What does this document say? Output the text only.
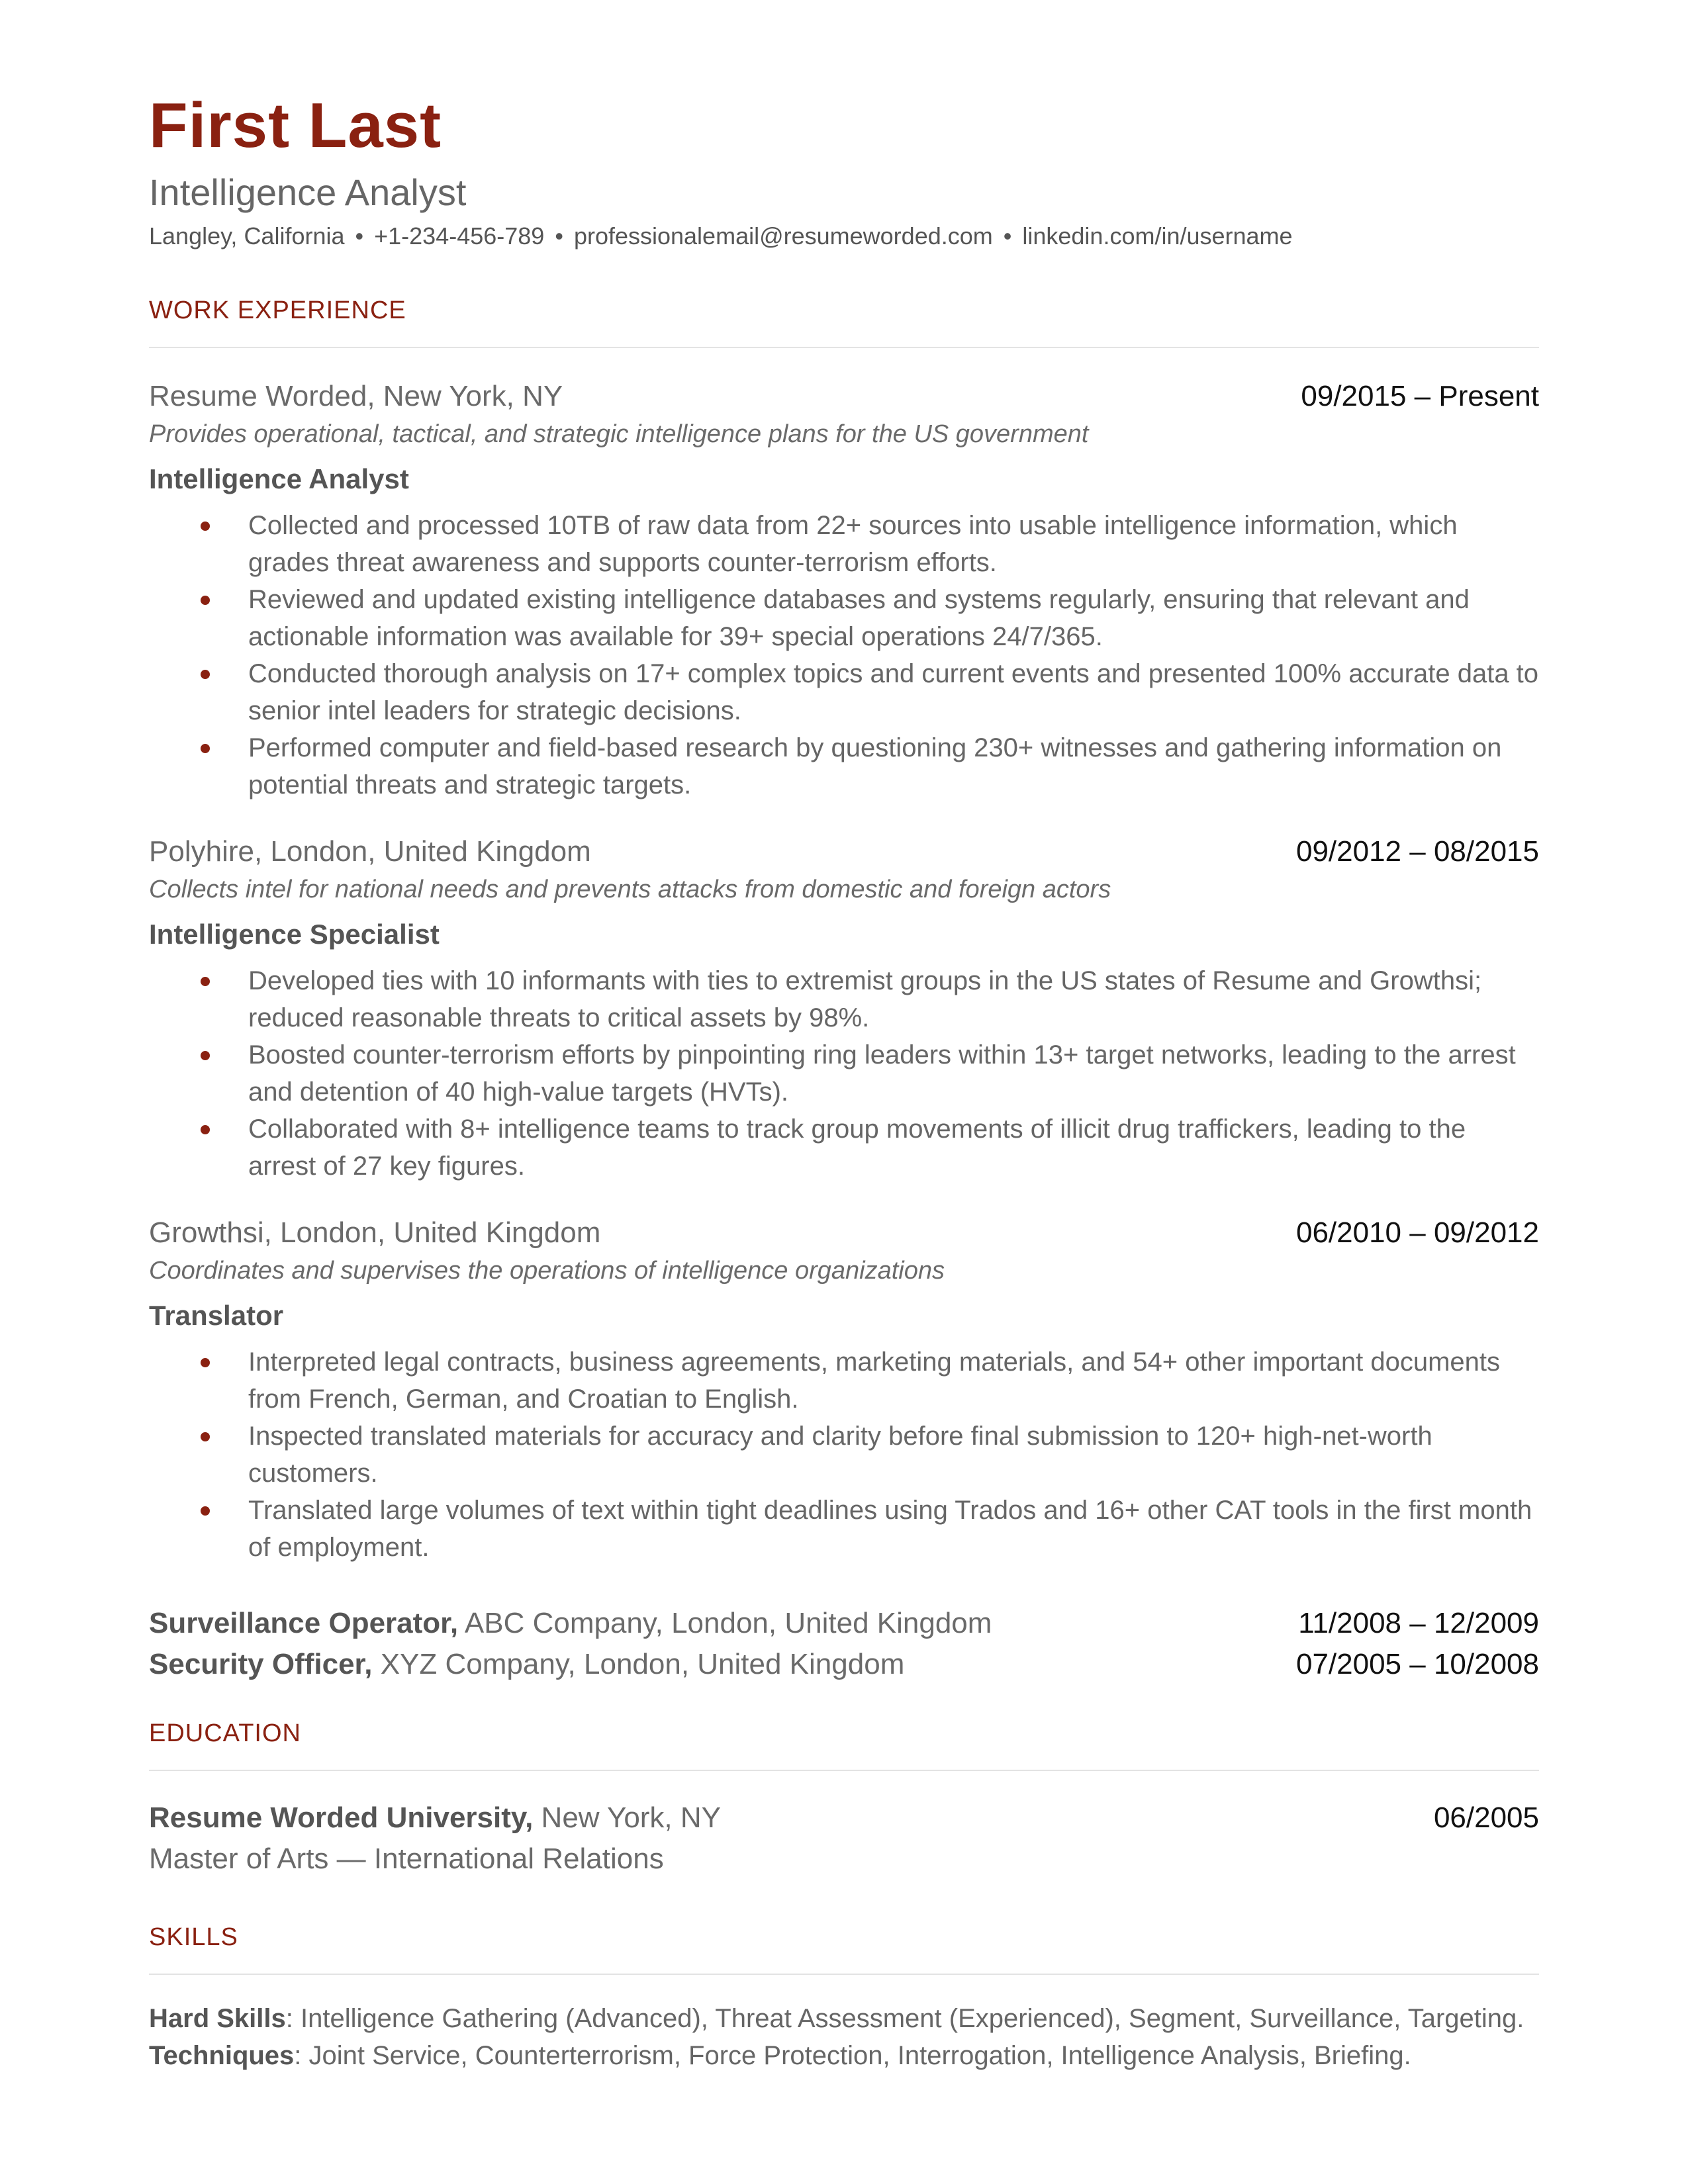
First Last
Intelligence Analyst
Langley, California • +1-234-456-789 • professionalemail@resumeworded.com • linkedin.com/in/username
WORK EXPERIENCE
Resume Worded, New York, NY	09/2015 – Present
Provides operational, tactical, and strategic intelligence plans for the US government
Intelligence Analyst
Collected and processed 10TB of raw data from 22+ sources into usable intelligence information, which grades threat awareness and supports counter-terrorism efforts.
Reviewed and updated existing intelligence databases and systems regularly, ensuring that relevant and actionable information was available for 39+ special operations 24/7/365.
Conducted thorough analysis on 17+ complex topics and current events and presented 100% accurate data to senior intel leaders for strategic decisions.
Performed computer and field-based research by questioning 230+ witnesses and gathering information on potential threats and strategic targets.
Polyhire, London, United Kingdom	09/2012 – 08/2015
Collects intel for national needs and prevents attacks from domestic and foreign actors
Intelligence Specialist
Developed ties with 10 informants with ties to extremist groups in the US states of Resume and Growthsi; reduced reasonable threats to critical assets by 98%.
Boosted counter-terrorism efforts by pinpointing ring leaders within 13+ target networks, leading to the arrest and detention of 40 high-value targets (HVTs).
Collaborated with 8+ intelligence teams to track group movements of illicit drug traffickers, leading to the arrest of 27 key figures.
Growthsi, London, United Kingdom	06/2010 – 09/2012
Coordinates and supervises the operations of intelligence organizations
Translator
Interpreted legal contracts, business agreements, marketing materials, and 54+ other important documents from French, German, and Croatian to English.
Inspected translated materials for accuracy and clarity before final submission to 120+ high-net-worth customers.
Translated large volumes of text within tight deadlines using Trados and 16+ other CAT tools in the first month of employment.
Surveillance Operator, ABC Company, London, United Kingdom	11/2008 – 12/2009
Security Officer, XYZ Company, London, United Kingdom	07/2005 – 10/2008
EDUCATION
Resume Worded University, New York, NY	06/2005
Master of Arts — International Relations
SKILLS
Hard Skills: Intelligence Gathering (Advanced), Threat Assessment (Experienced), Segment, Surveillance, Targeting.
Techniques: Joint Service, Counterterrorism, Force Protection, Interrogation, Intelligence Analysis, Briefing.
